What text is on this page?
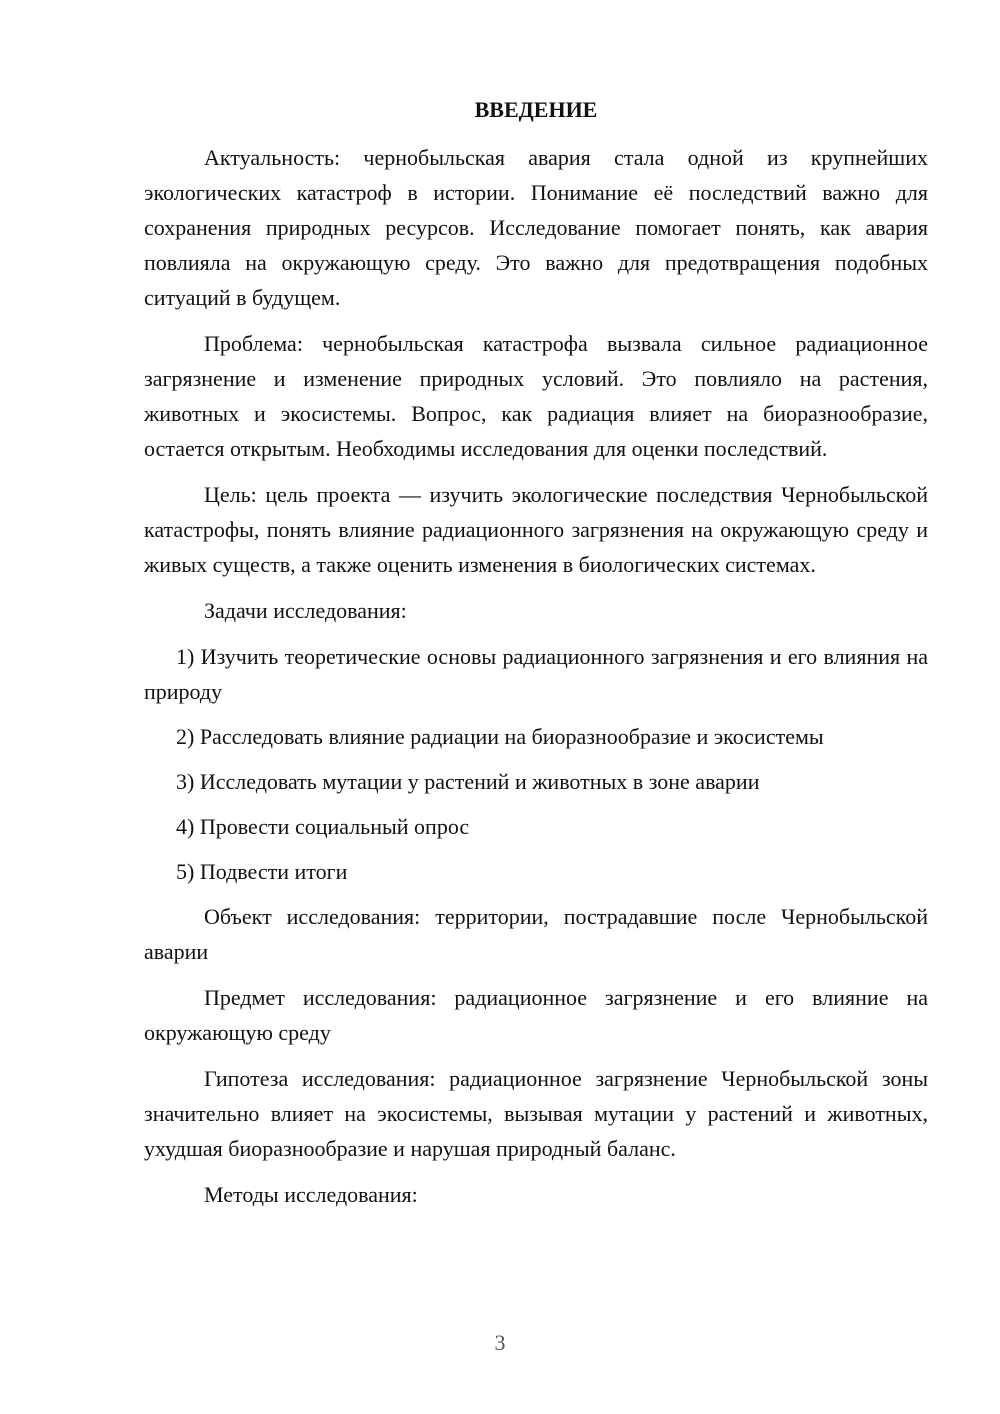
ВВЕДЕНИЕ

Актуальность: чернобыльская авария стала одной из крупнейших экологических катастроф в истории. Понимание её последствий важно для сохранения природных ресурсов. Исследование помогает понять, как авария повлияла на окружающую среду. Это важно для предотвращения подобных ситуаций в будущем.

Проблема: чернобыльская катастрофа вызвала сильное радиационное загрязнение и изменение природных условий. Это повлияло на растения, животных и экосистемы. Вопрос, как радиация влияет на биоразнообразие, остается открытым. Необходимы исследования для оценки последствий.

Цель: цель проекта — изучить экологические последствия Чернобыльской катастрофы, понять влияние радиационного загрязнения на окружающую среду и живых существ, а также оценить изменения в биологических системах.

Задачи исследования:

1) Изучить теоретические основы радиационного загрязнения и его влияния на природу

2) Расследовать влияние радиации на биоразнообразие и экосистемы

3) Исследовать мутации у растений и животных в зоне аварии

4) Провести социальный опрос

5) Подвести итоги

Объект исследования: территории, пострадавшие после Чернобыльской аварии

Предмет исследования: радиационное загрязнение и его влияние на окружающую среду

Гипотеза исследования: радиационное загрязнение Чернобыльской зоны значительно влияет на экосистемы, вызывая мутации у растений и животных, ухудшая биоразнообразие и нарушая природный баланс.

Методы исследования:

3
